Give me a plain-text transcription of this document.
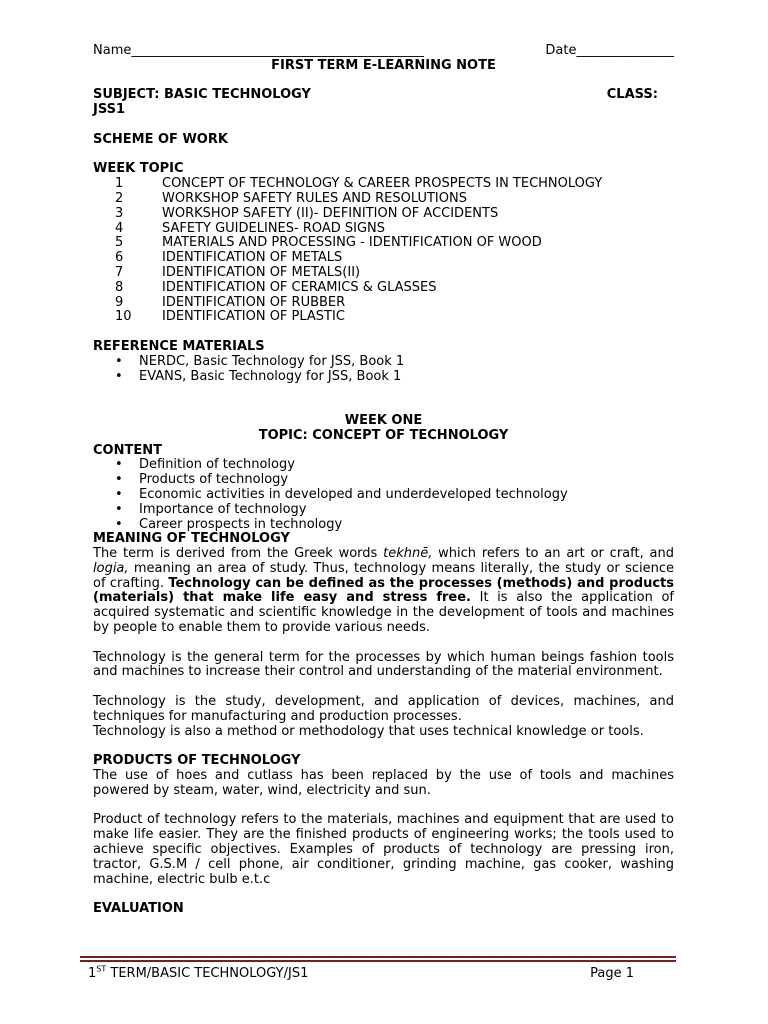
Name_____________________________________________	Date_______________

FIRST TERM E-LEARNING NOTE

SUBJECT: BASIC TECHNOLOGY	CLASS:

JSS1

SCHEME OF WORK

WEEK TOPIC

1	CONCEPT OF TECHNOLOGY & CAREER PROSPECTS IN TECHNOLOGY
2	WORKSHOP SAFETY RULES AND RESOLUTIONS
3	WORKSHOP SAFETY (II)- DEFINITION OF ACCIDENTS
4	SAFETY GUIDELINES- ROAD SIGNS
5	MATERIALS AND PROCESSING - IDENTIFICATION OF WOOD
6	IDENTIFICATION OF METALS
7	IDENTIFICATION OF METALS(II)
8	IDENTIFICATION OF CERAMICS & GLASSES
9	IDENTIFICATION OF RUBBER
10	IDENTIFICATION OF PLASTIC

REFERENCE MATERIALS

• NERDC, Basic Technology for JSS, Book 1
• EVANS, Basic Technology for JSS, Book 1

WEEK ONE

TOPIC: CONCEPT OF TECHNOLOGY

CONTENT

• Definition of technology
• Products of technology
• Economic activities in developed and underdeveloped technology
• Importance of technology
• Career prospects in technology

MEANING OF TECHNOLOGY

The term is derived from the Greek words tekhnē, which refers to an art or craft, and logia, meaning an area of study. Thus, technology means literally, the study or science of crafting. Technology can be defined as the processes (methods) and products (materials) that make life easy and stress free. It is also the application of acquired systematic and scientific knowledge in the development of tools and machines by people to enable them to provide various needs.

Technology is the general term for the processes by which human beings fashion tools and machines to increase their control and understanding of the material environment.

Technology is the study, development, and application of devices, machines, and techniques for manufacturing and production processes.

Technology is also a method or methodology that uses technical knowledge or tools.

PRODUCTS OF TECHNOLOGY

The use of hoes and cutlass has been replaced by the use of tools and machines powered by steam, water, wind, electricity and sun.

Product of technology refers to the materials, machines and equipment that are used to make life easier. They are the finished products of engineering works; the tools used to achieve specific objectives. Examples of products of technology are pressing iron, tractor, G.S.M / cell phone, air conditioner, grinding machine, gas cooker, washing machine, electric bulb e.t.c

EVALUATION

1ST TERM/BASIC TECHNOLOGY/JS1	Page 1
